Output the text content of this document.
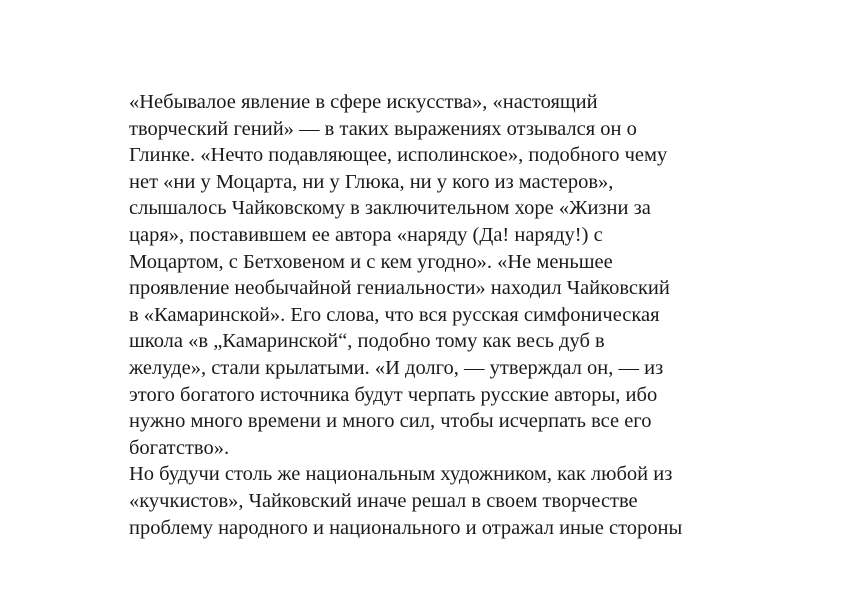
«Небывалое явление в сфере искусства», «настоящий
творческий гений» — в таких выражениях отзывался он о
Глинке. «Нечто подавляющее, исполинское», подобного чему
нет «ни у Моцарта, ни у Глюка, ни у кого из мастеров»,
слышалось Чайковскому в заключительном хоре «Жизни за
царя», поставившем ее автора «наряду (Да! наряду!) с
Моцартом, с Бетховеном и с кем угодно». «Не меньшее
проявление необычайной гениальности» находил Чайковский
в «Камаринской». Его слова, что вся русская симфоническая
школа «в „Камаринской“, подобно тому как весь дуб в
желуде», стали крылатыми. «И долго, — утверждал он, — из
этого богатого источника будут черпать русские авторы, ибо
нужно много времени и много сил, чтобы исчерпать все его
богатство».
Но будучи столь же национальным художником, как любой из
«кучкистов», Чайковский иначе решал в своем творчестве
проблему народного и национального и отражал иные стороны
